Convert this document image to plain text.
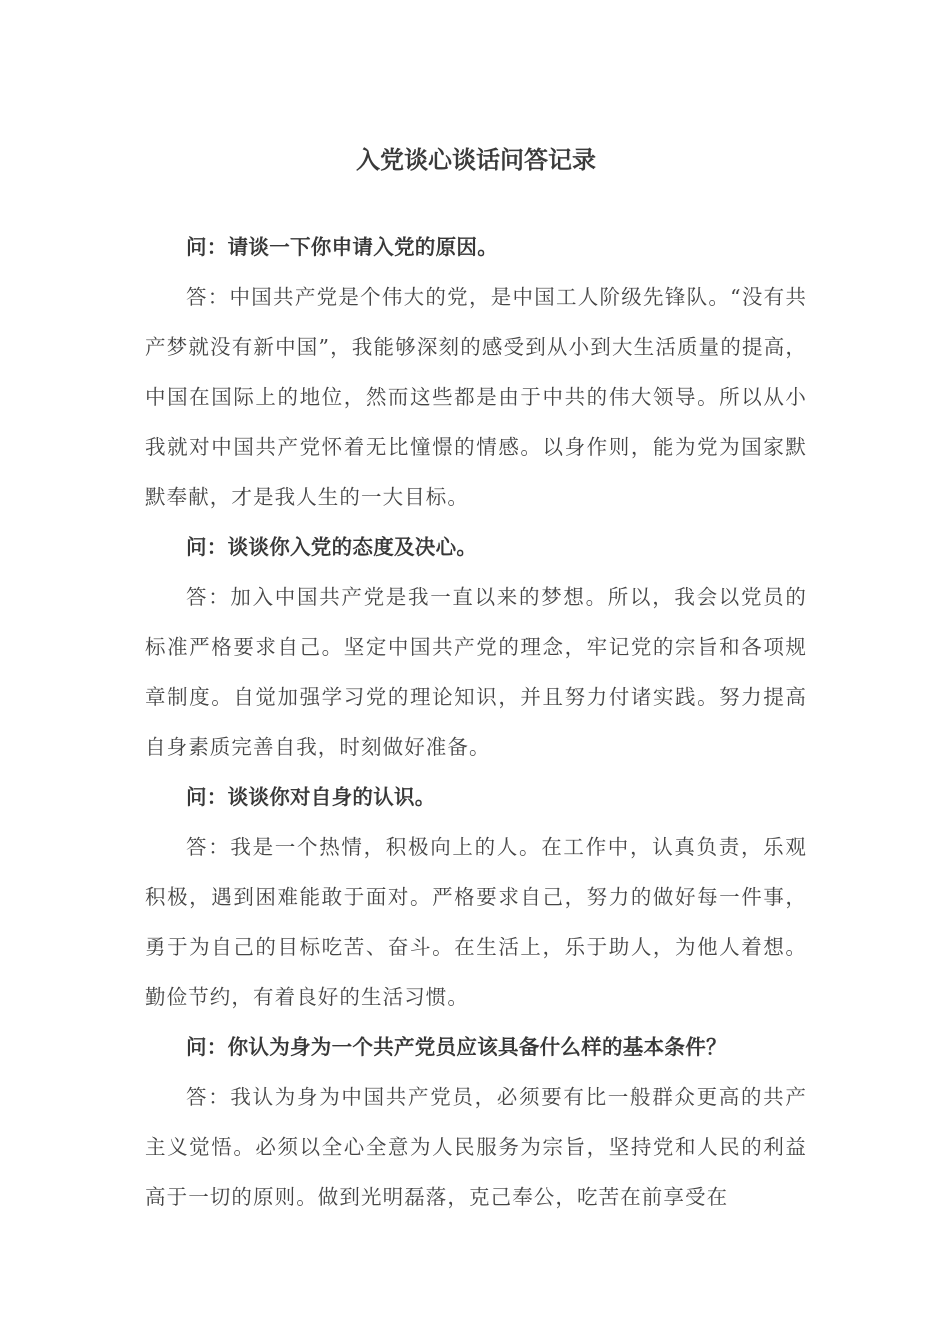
入党谈心谈话问答记录

问：请谈一下你申请入党的原因。

答：中国共产党是个伟大的党，是中国工人阶级先锋队。“没有共产梦就没有新中国”，我能够深刻的感受到从小到大生活质量的提高，中国在国际上的地位，然而这些都是由于中共的伟大领导。所以从小我就对中国共产党怀着无比憧憬的情感。以身作则，能为党为国家默默奉献，才是我人生的一大目标。

问：谈谈你入党的态度及决心。

答：加入中国共产党是我一直以来的梦想。所以，我会以党员的标准严格要求自己。坚定中国共产党的理念，牢记党的宗旨和各项规章制度。自觉加强学习党的理论知识，并且努力付诸实践。努力提高自身素质完善自我，时刻做好准备。

问：谈谈你对自身的认识。

答：我是一个热情，积极向上的人。在工作中，认真负责，乐观积极，遇到困难能敢于面对。严格要求自己，努力的做好每一件事，勇于为自己的目标吃苦、奋斗。在生活上，乐于助人，为他人着想。勤俭节约，有着良好的生活习惯。

问：你认为身为一个共产党员应该具备什么样的基本条件？

答：我认为身为中国共产党员，必须要有比一般群众更高的共产主义觉悟。必须以全心全意为人民服务为宗旨，坚持党和人民的利益高于一切的原则。做到光明磊落，克己奉公，吃苦在前享受在
